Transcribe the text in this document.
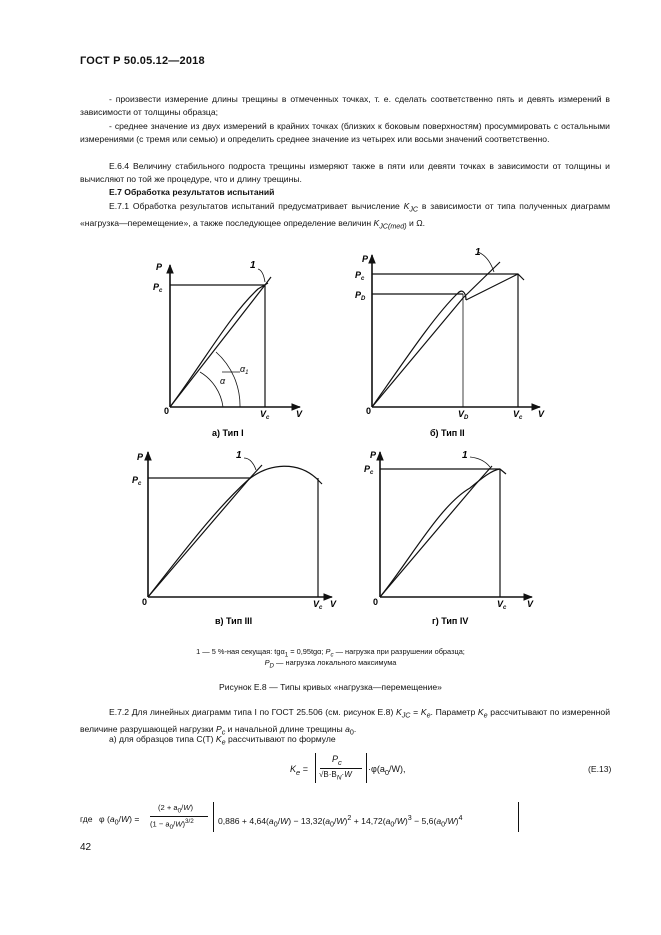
ГОСТ Р 50.05.12—2018
- произвести измерение длины трещины в отмеченных точках, т. е. сделать соответственно пять и девять измерений в зависимости от толщины образца;
- среднее значение из двух измерений в крайних точках (близких к боковым поверхностям) просуммировать с остальными измерениями (с тремя или семью) и определить среднее значение из четырех или восьми значений соответственно.
Е.6.4 Величину стабильного подроста трещины измеряют также в пяти или девяти точках в зависимости от толщины и вычисляют по той же процедуре, что и длину трещины.
Е.7 Обработка результатов испытаний
Е.7.1 Обработка результатов испытаний предусматривает вычисление $K_{JC}$ в зависимости от типа полученных диаграмм «нагрузка—перемещение», а также последующее определение величин $K_{JC(med)}$ и Ω.
P
$P_c$
0	$V_c$	V
1
α
$\alpha_1$
а) Тип I
P
$P_c$
$P_D$
0	$V_D$	$V_c$ V
1
б) Тип II
P
$P_c$
0	$V_c$ V
1
в) Тип III
P
$P_c$
0	$V_c$ V
1
г) Тип IV
1 — 5 %-ная секущая: tgα$_1$ = 0,95tgα; $P_c$ — нагрузка при разрушении образца;
$P_D$ — нагрузка локального максимума
Рисунок Е.8 — Типы кривых «нагрузка—перемещение»
Е.7.2 Для линейных диаграмм типа I по ГОСТ 25.506 (см. рисунок Е.8) $K_{JC} = K_e$. Параметр $K_e$ рассчитывают по измеренной величине разрушающей нагрузки $P_c$ и начальной длине трещины $a_0$.
а) для образцов типа С(Т) $K_e$ рассчитывают по формуле
$K_e$ =
$P_c$
$√B\cdot B_N\cdot W$
$\cdot\varphi(a_0/W)$,	(Е.13)
где φ $(a_0/W)$ =
$(2 + a_0/W)$
$(1 - a_0/W)^{3/2}$	$0,886 + 4,64(a_0/W) - 13,32(a_0/W)^2 + 14,72(a_0/W)^3 - 5,6(a_0/W)^4$
42
